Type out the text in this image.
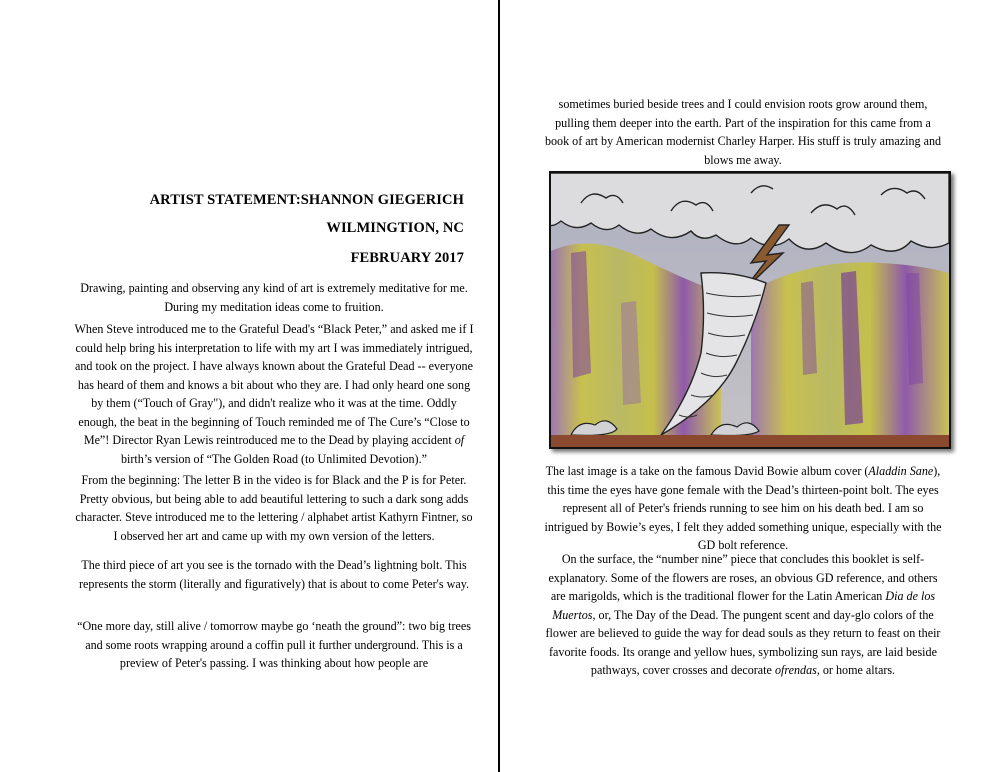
ARTIST STATEMENT:SHANNON GIEGERICH
WILMINGTION, NC
FEBRUARY 2017

Drawing, painting and observing any kind of art is extremely meditative for me. During my meditation ideas come to fruition.

When Steve introduced me to the Grateful Dead's “Black Peter,” and asked me if I could help bring his interpretation to life with my art I was immediately intrigued, and took on the project. I have always known about the Grateful Dead -- everyone has heard of them and knows a bit about who they are. I had only heard one song by them (“Touch of Gray"), and didn't realize who it was at the time. Oddly enough, the beat in the beginning of Touch reminded me of The Cure’s “Close to Me”! Director Ryan Lewis reintroduced me to the Dead by playing accident of birth’s version of “The Golden Road (to Unlimited Devotion).”

From the beginning: The letter B in the video is for Black and the P is for Peter. Pretty obvious, but being able to add beautiful lettering to such a dark song adds character. Steve introduced me to the lettering / alphabet artist Kathyrn Fintner, so I observed her art and came up with my own version of the letters.

The third piece of art you see is the tornado with the Dead’s lightning bolt. This represents the storm (literally and figuratively) that is about to come Peter's way.

“One more day, still alive / tomorrow maybe go ‘neath the ground”: two big trees and some roots wrapping around a coffin pull it further underground. This is a preview of Peter's passing. I was thinking about how people are

sometimes buried beside trees and I could envision roots grow around them, pulling them deeper into the earth. Part of the inspiration for this came from a book of art by American modernist Charley Harper. His stuff is truly amazing and blows me away.

The last image is a take on the famous David Bowie album cover (Aladdin Sane), this time the eyes have gone female with the Dead’s thirteen-point bolt. The eyes represent all of Peter's friends running to see him on his death bed. I am so intrigued by Bowie’s eyes, I felt they added something unique, especially with the GD bolt reference.

On the surface, the “number nine” piece that concludes this booklet is self-explanatory. Some of the flowers are roses, an obvious GD reference, and others are marigolds, which is the traditional flower for the Latin American Dia de los Muertos, or, The Day of the Dead. The pungent scent and day-glo colors of the flower are believed to guide the way for dead souls as they return to feast on their favorite foods. Its orange and yellow hues, symbolizing sun rays, are laid beside pathways, cover crosses and decorate ofrendas, or home altars.
